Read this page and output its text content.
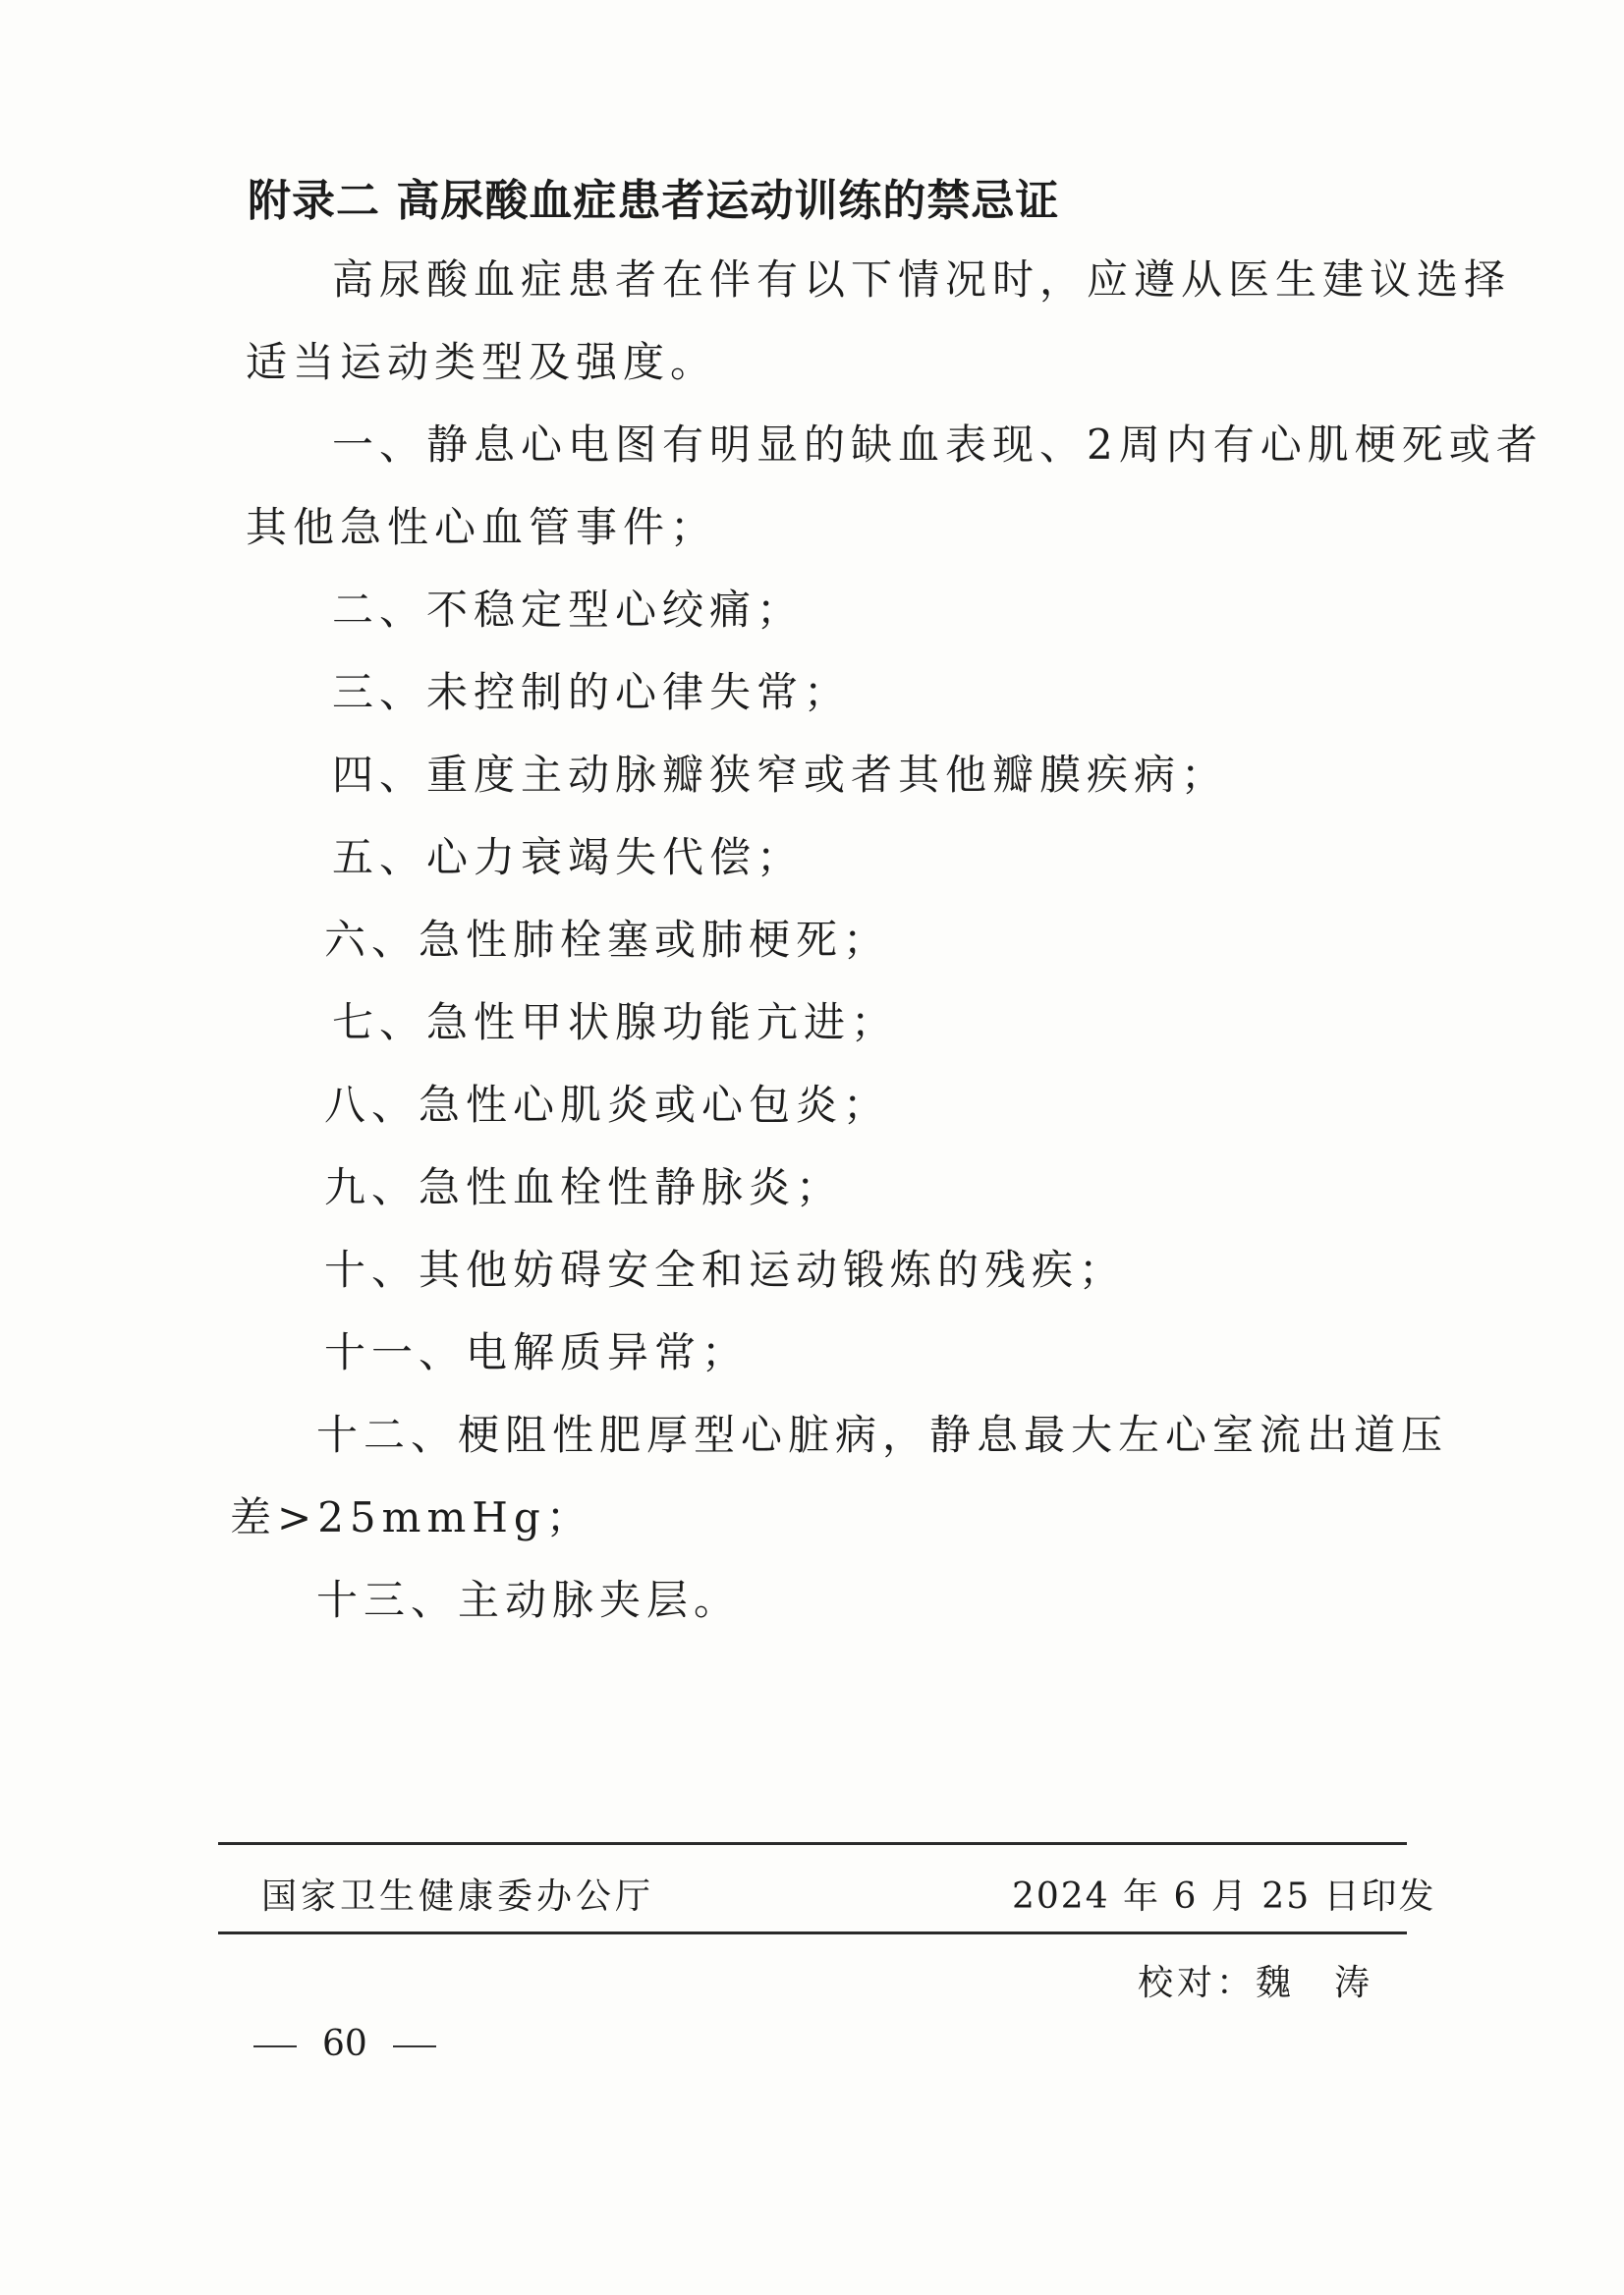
附录二 高尿酸血症患者运动训练的禁忌证
高尿酸血症患者在伴有以下情况时，应遵从医生建议选择
适当运动类型及强度。
一、静息心电图有明显的缺血表现、2周内有心肌梗死或者
其他急性心血管事件；
二、不稳定型心绞痛；
三、未控制的心律失常；
四、重度主动脉瓣狭窄或者其他瓣膜疾病；
五、心力衰竭失代偿；
六、急性肺栓塞或肺梗死；
七、急性甲状腺功能亢进；
八、急性心肌炎或心包炎；
九、急性血栓性静脉炎；
十、其他妨碍安全和运动锻炼的残疾；
十一、电解质异常；
十二、梗阻性肥厚型心脏病，静息最大左心室流出道压
差>25mmHg；
十三、主动脉夹层。
国家卫生健康委办公厅	2024 年 6 月 25 日印发
校对：魏　涛
60
